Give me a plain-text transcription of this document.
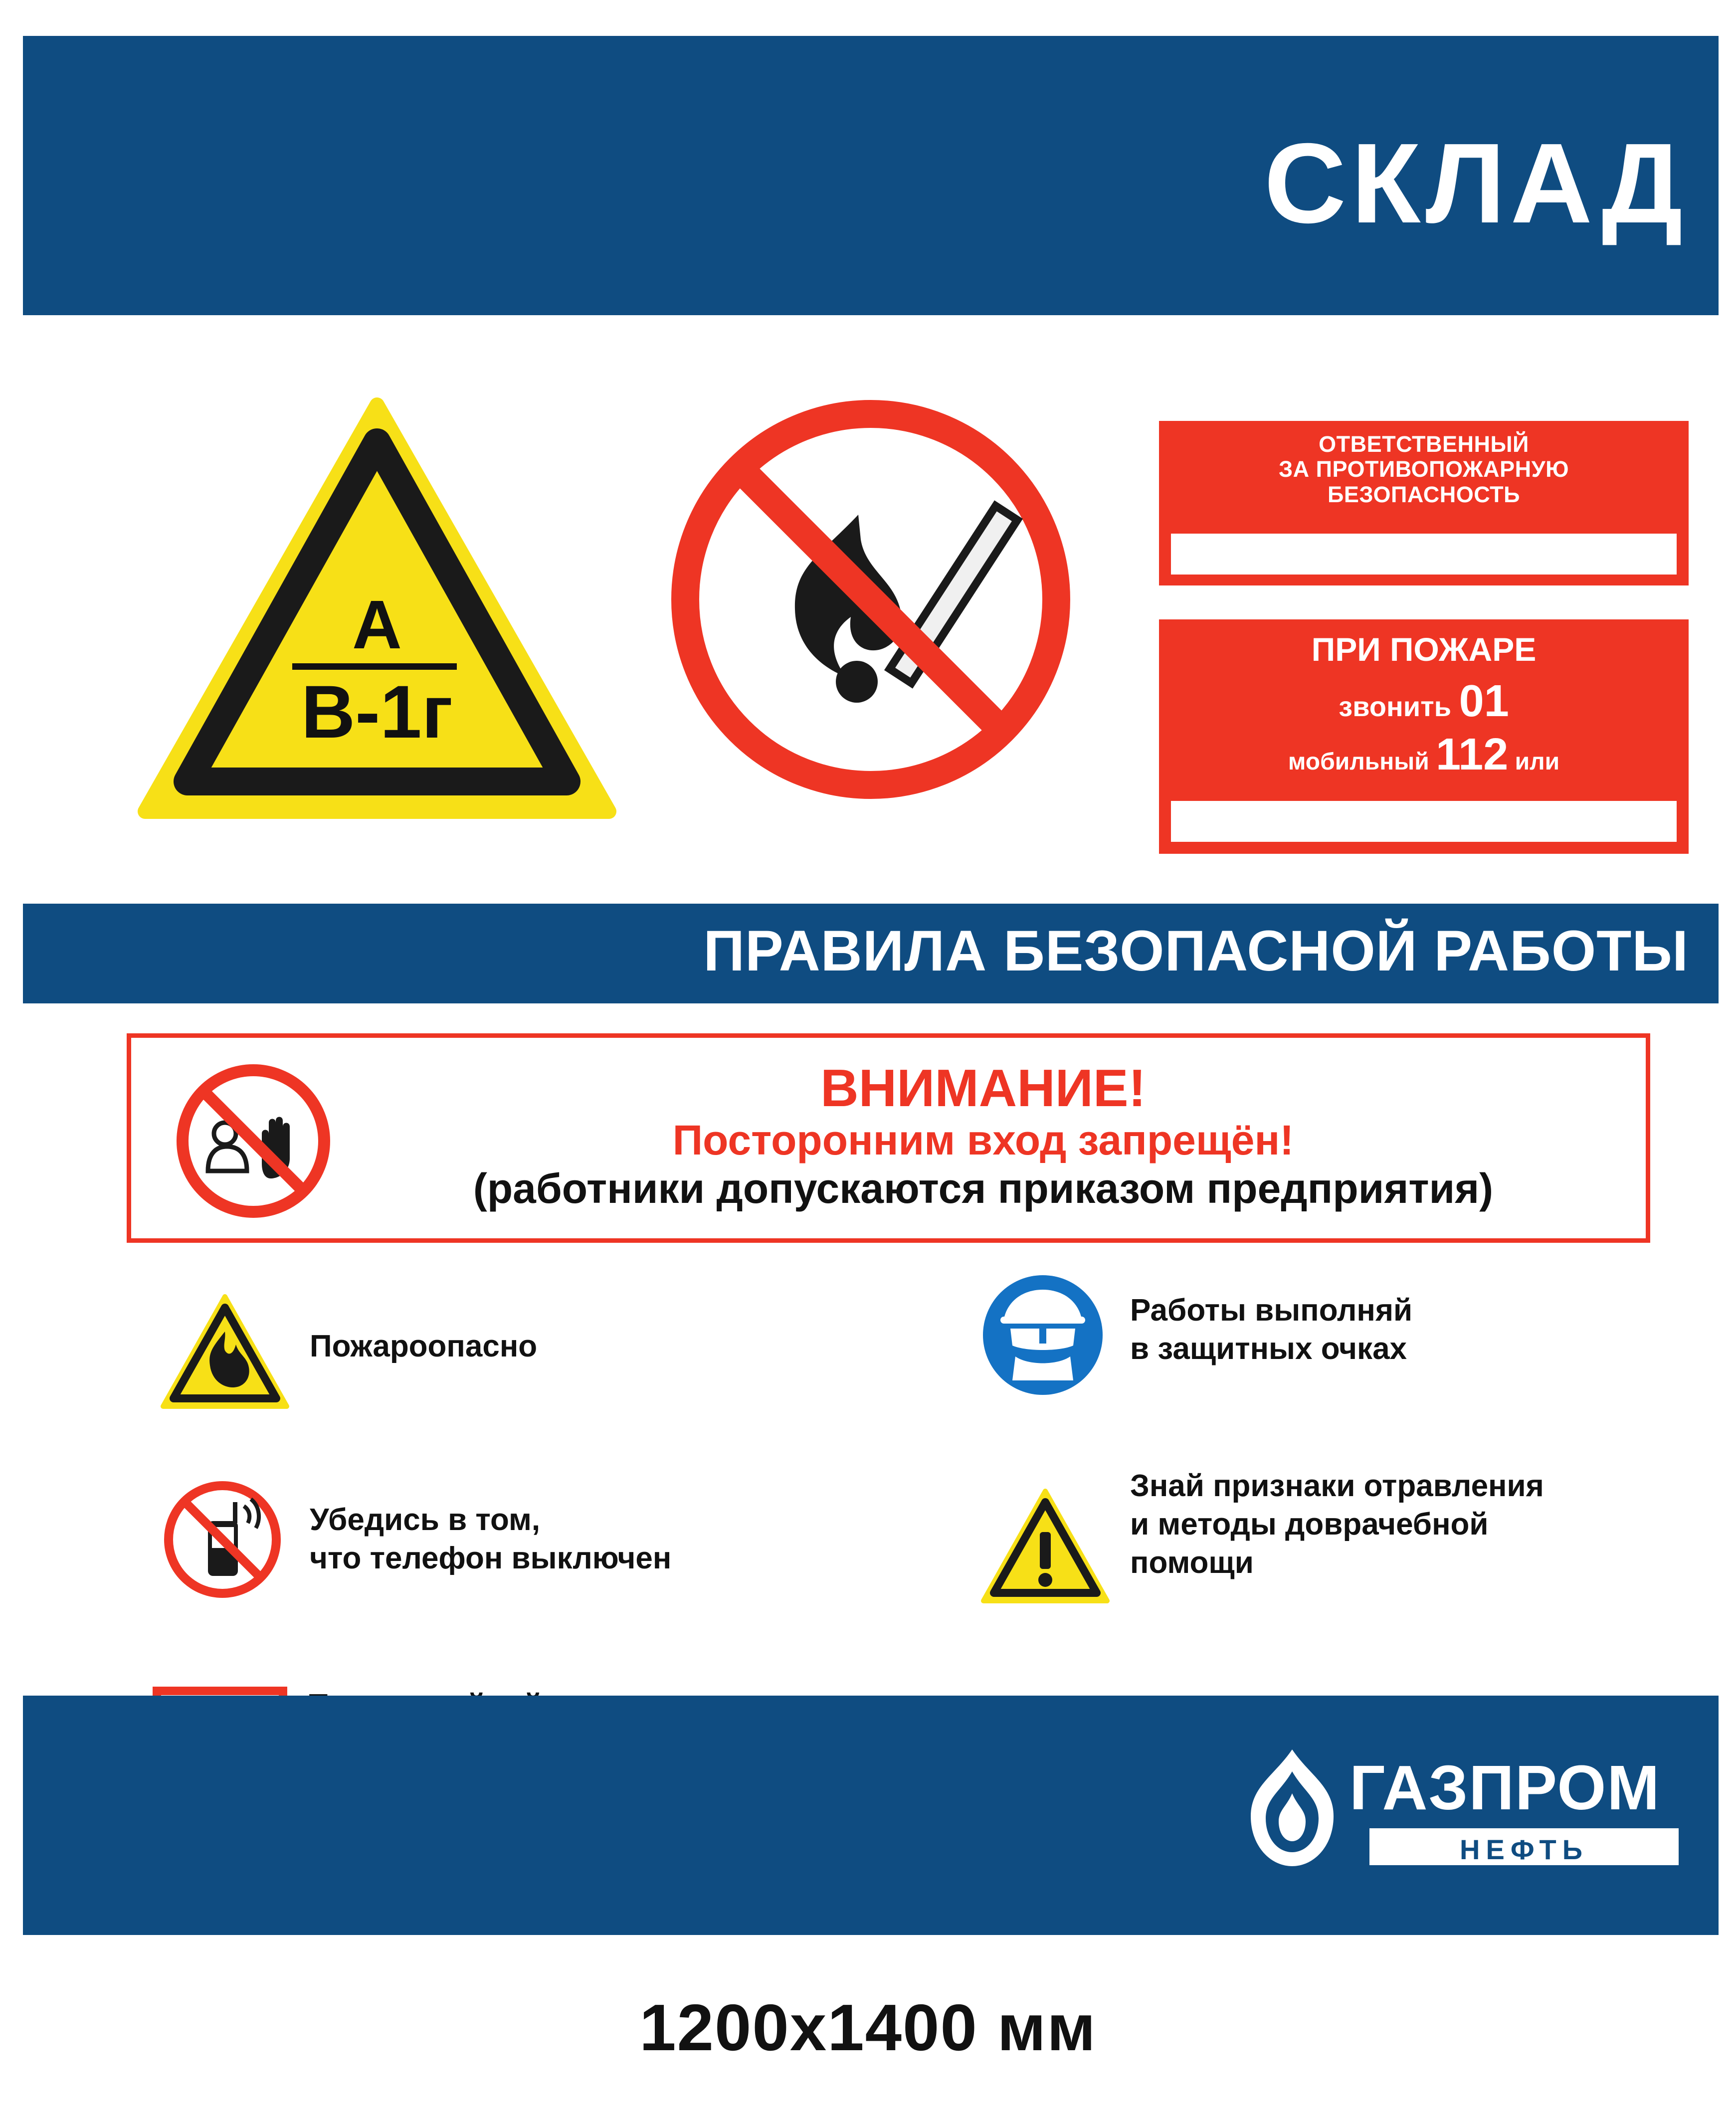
СКЛАД
А
В-1г
ОТВЕТСТВЕННЫЙ
ЗА ПРОТИВОПОЖАРНУЮ
БЕЗОПАСНОСТЬ
ПРИ ПОЖАРЕ
звонить 01
мобильный 112 или
ПРАВИЛА БЕЗОПАСНОЙ РАБОТЫ
ВНИМАНИЕ!
Посторонним вход запрещён!
(работники допускаются приказом предприятия)
Пожароопасно
Работы выполняй
в защитных очках
Убедись в том,
что телефон выключен
Знай признаки отравления
и методы доврачебной
помощи
ГАЗПРОМ
НЕФТЬ
1200х1400 мм
